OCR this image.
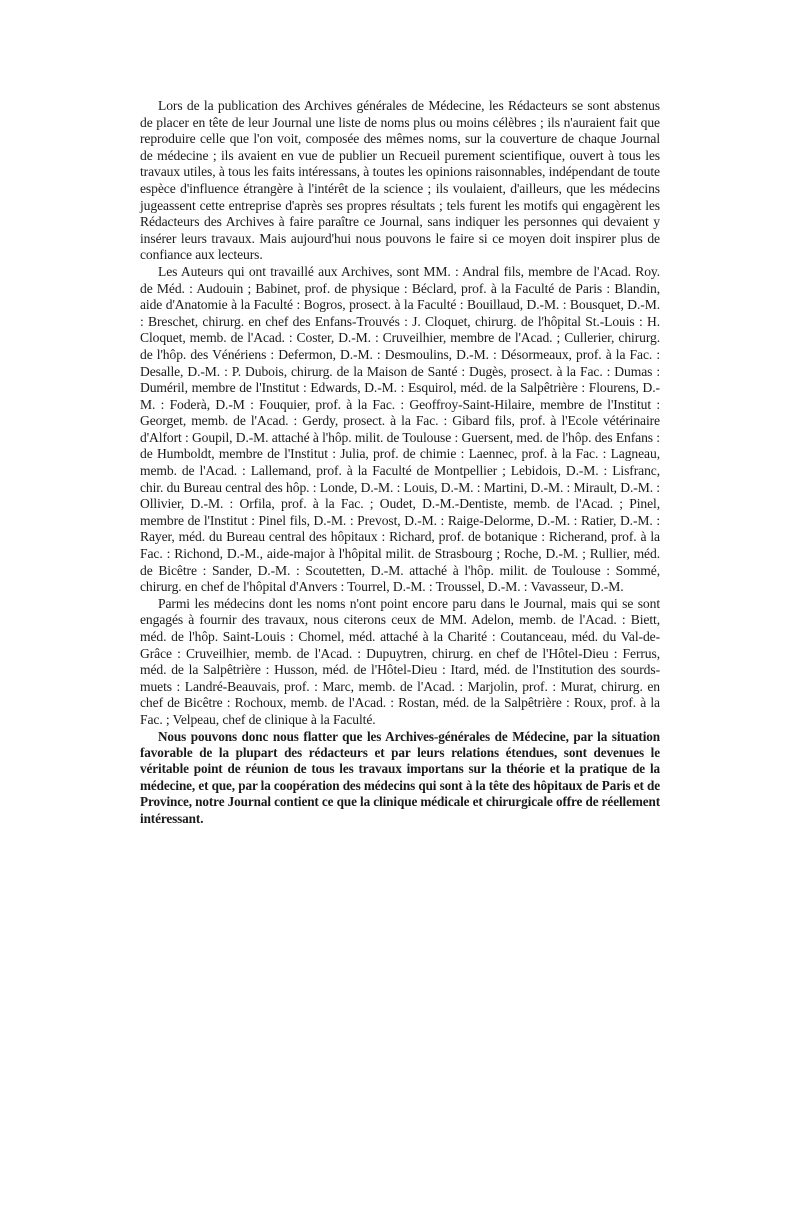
Lors de la publication des Archives générales de Médecine, les Rédacteurs se sont abstenus de placer en tête de leur Journal une liste de noms plus ou moins célèbres ; ils n'auraient fait que reproduire celle que l'on voit, composée des mêmes noms, sur la couverture de chaque Journal de médecine ; ils avaient en vue de publier un Recueil purement scientifique, ouvert à tous les travaux utiles, à tous les faits intéressans, à toutes les opinions raisonnables, indépendant de toute espèce d'influence étrangère à l'intérêt de la science ; ils voulaient, d'ailleurs, que les médecins jugeassent cette entreprise d'après ses propres résultats ; tels furent les motifs qui engagèrent les Rédacteurs des Archives à faire paraître ce Journal, sans indiquer les personnes qui devaient y insérer leurs travaux. Mais aujourd'hui nous pouvons le faire si ce moyen doit inspirer plus de confiance aux lecteurs.

Les Auteurs qui ont travaillé aux Archives, sont MM. : Andral fils, membre de l'Acad. Roy. de Méd. : Audouin ; Babinet, prof. de physique : Béclard, prof. à la Faculté de Paris : Blandin, aide d'Anatomie à la Faculté : Bogros, prosect. à la Faculté : Bouillaud, D.-M. : Bousquet, D.-M. : Breschet, chirurg. en chef des Enfans-Trouvés : J. Cloquet, chirurg. de l'hôpital St.-Louis : H. Cloquet, memb. de l'Acad. : Coster, D.-M. : Cruveilhier, membre de l'Acad. ; Cullerier, chirurg. de l'hôp. des Vénériens : Defermon, D.-M. : Desmoulins, D.-M. : Désormeaux, prof. à la Fac. : Desalle, D.-M. : P. Dubois, chirurg. de la Maison de Santé : Dugès, prosect. à la Fac. : Dumas : Duméril, membre de l'Institut : Edwards, D.-M. : Esquirol, méd. de la Salpêtrière : Flourens, D.-M. : Foderà, D.-M : Fouquier, prof. à la Fac. : Geoffroy-Saint-Hilaire, membre de l'Institut : Georget, memb. de l'Acad. : Gerdy, prosect. à la Fac. : Gibard fils, prof. à l'Ecole vétérinaire d'Alfort : Goupil, D.-M. attaché à l'hôp. milit. de Toulouse : Guersent, med. de l'hôp. des Enfans : de Humboldt, membre de l'Institut : Julia, prof. de chimie : Laennec, prof. à la Fac. : Lagneau, memb. de l'Acad. : Lallemand, prof. à la Faculté de Montpellier ; Lebidois, D.-M. : Lisfranc, chir. du Bureau central des hôp. : Londe, D.-M. : Louis, D.-M. : Martini, D.-M. : Mirault, D.-M. : Ollivier, D.-M. : Orfila, prof. à la Fac. ; Oudet, D.-M.-Dentiste, memb. de l'Acad. ; Pinel, membre de l'Institut : Pinel fils, D.-M. : Prevost, D.-M. : Raige-Delorme, D.-M. : Ratier, D.-M. : Rayer, méd. du Bureau central des hôpitaux : Richard, prof. de botanique : Richerand, prof. à la Fac. : Richond, D.-M., aide-major à l'hôpital milit. de Strasbourg ; Roche, D.-M. ; Rullier, méd. de Bicêtre : Sander, D.-M. : Scoutetten, D.-M. attaché à l'hôp. milit. de Toulouse : Sommé, chirurg. en chef de l'hôpital d'Anvers : Tourrel, D.-M. : Troussel, D.-M. : Vavasseur, D.-M.

Parmi les médecins dont les noms n'ont point encore paru dans le Journal, mais qui se sont engagés à fournir des travaux, nous citerons ceux de MM. Adelon, memb. de l'Acad. : Biett, méd. de l'hôp. Saint-Louis : Chomel, méd. attaché à la Charité : Coutanceau, méd. du Val-de-Grâce : Cruveilhier, memb. de l'Acad. : Dupuytren, chirurg. en chef de l'Hôtel-Dieu : Ferrus, méd. de la Salpêtrière : Husson, méd. de l'Hôtel-Dieu : Itard, méd. de l'Institution des sourds-muets : Landré-Beauvais, prof. : Marc, memb. de l'Acad. : Marjolin, prof. : Murat, chirurg. en chef de Bicêtre : Rochoux, memb. de l'Acad. : Rostan, méd. de la Salpêtrière : Roux, prof. à la Fac. ; Velpeau, chef de clinique à la Faculté.

Nous pouvons donc nous flatter que les Archives-générales de Médecine, par la situation favorable de la plupart des rédacteurs et par leurs relations étendues, sont devenues le véritable point de réunion de tous les travaux importans sur la théorie et la pratique de la médecine, et que, par la coopération des médecins qui sont à la tête des hôpitaux de Paris et de Province, notre Journal contient ce que la clinique médicale et chirurgicale offre de réellement intéressant.
